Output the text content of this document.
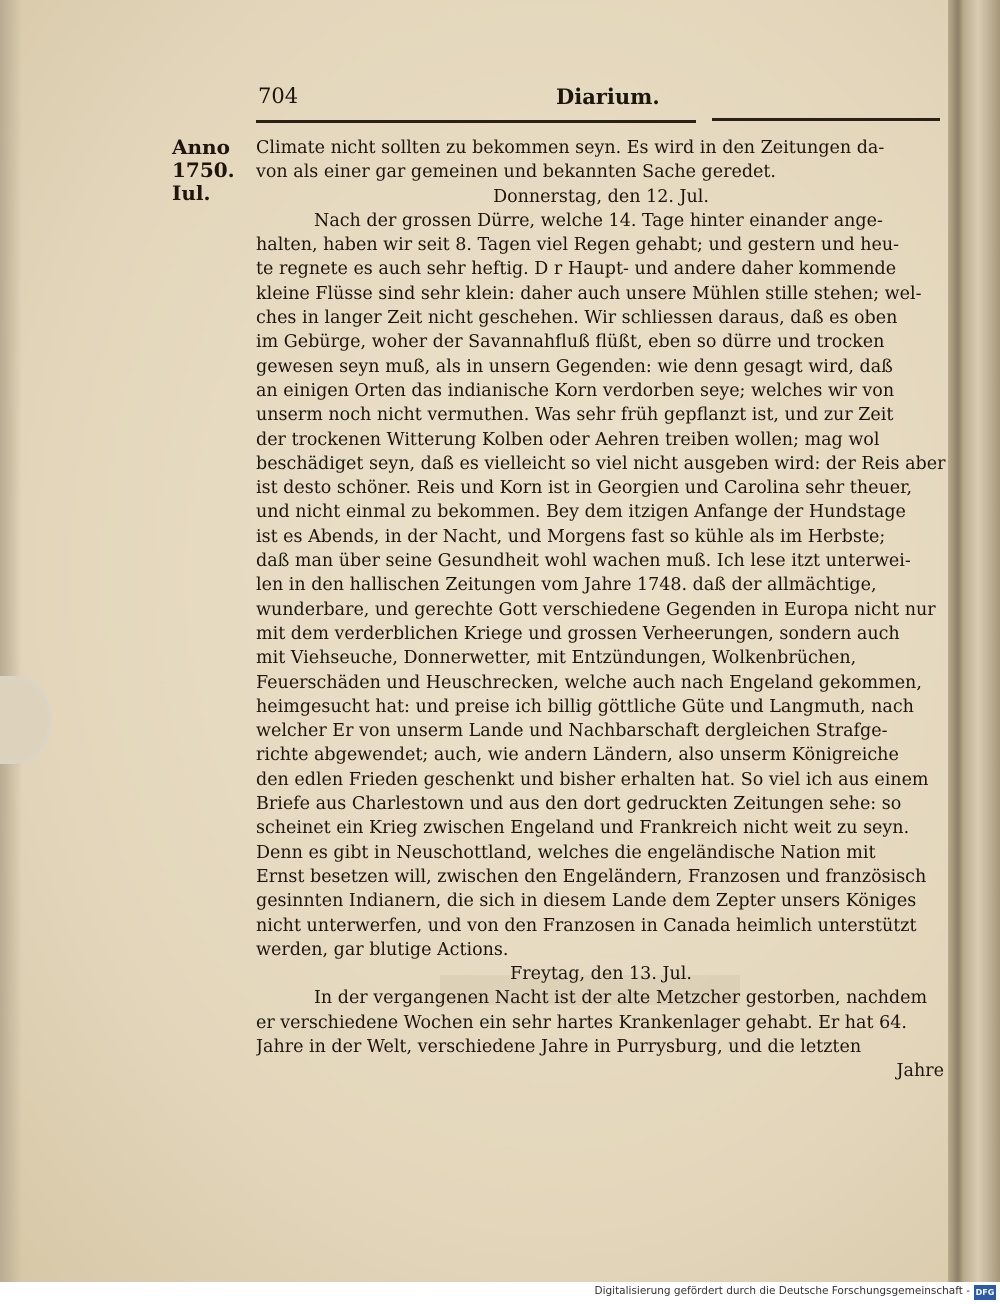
704	Diarium.
Anno
1750.
Iul.
Climate nicht sollten zu bekommen seyn. Es wird in den Zeitungen da-
von als einer gar gemeinen und bekannten Sache geredet.
Donnerstag, den 12. Jul.
Nach der grossen Dürre, welche 14. Tage hinter einander ange-
halten, haben wir seit 8. Tagen viel Regen gehabt; und gestern und heu-
te regnete es auch sehr heftig. D r Haupt- und andere daher kommende
kleine Flüsse sind sehr klein: daher auch unsere Mühlen stille stehen; wel-
ches in langer Zeit nicht geschehen. Wir schliessen daraus, daß es oben
im Gebürge, woher der Savannahfluß flüßt, eben so dürre und trocken
gewesen seyn muß, als in unsern Gegenden: wie denn gesagt wird, daß
an einigen Orten das indianische Korn verdorben seye; welches wir von
unserm noch nicht vermuthen. Was sehr früh gepflanzt ist, und zur Zeit
der trockenen Witterung Kolben oder Aehren treiben wollen; mag wol
beschädiget seyn, daß es vielleicht so viel nicht ausgeben wird: der Reis aber
ist desto schöner. Reis und Korn ist in Georgien und Carolina sehr theuer,
und nicht einmal zu bekommen. Bey dem itzigen Anfange der Hundstage
ist es Abends, in der Nacht, und Morgens fast so kühle als im Herbste;
daß man über seine Gesundheit wohl wachen muß. Ich lese itzt unterwei-
len in den hallischen Zeitungen vom Jahre 1748. daß der allmächtige,
wunderbare, und gerechte Gott verschiedene Gegenden in Europa nicht nur
mit dem verderblichen Kriege und grossen Verheerungen, sondern auch
mit Viehseuche, Donnerwetter, mit Entzündungen, Wolkenbrüchen,
Feuerschäden und Heuschrecken, welche auch nach Engeland gekommen,
heimgesucht hat: und preise ich billig göttliche Güte und Langmuth, nach
welcher Er von unserm Lande und Nachbarschaft dergleichen Strafge-
richte abgewendet; auch, wie andern Ländern, also unserm Königreiche
den edlen Frieden geschenkt und bisher erhalten hat. So viel ich aus einem
Briefe aus Charlestown und aus den dort gedruckten Zeitungen sehe: so
scheinet ein Krieg zwischen Engeland und Frankreich nicht weit zu seyn.
Denn es gibt in Neuschottland, welches die engeländische Nation mit
Ernst besetzen will, zwischen den Engeländern, Franzosen und französisch
gesinnten Indianern, die sich in diesem Lande dem Zepter unsers Königes
nicht unterwerfen, und von den Franzosen in Canada heimlich unterstützt
werden, gar blutige Actions.
Freytag, den 13. Jul.
In der vergangenen Nacht ist der alte Metzcher gestorben, nachdem
er verschiedene Wochen ein sehr hartes Krankenlager gehabt. Er hat 64.
Jahre in der Welt, verschiedene Jahre in Purrysburg, und die letzten
Jahre
Digitalisierung gefördert durch die Deutsche Forschungsgemeinschaft - DFG
